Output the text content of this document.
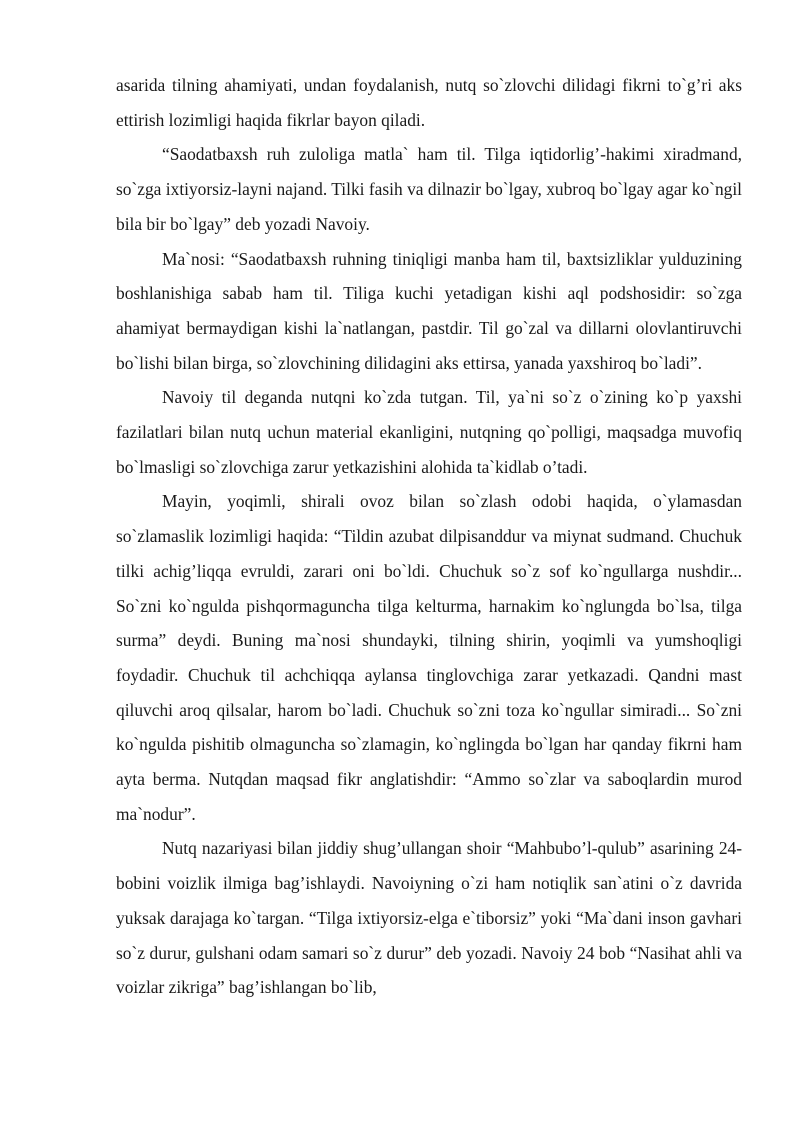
asarida tilning ahamiyati, undan foydalanish, nutq so`zlovchi dilidagi fikrni to`g’ri aks ettirish lozimligi haqida fikrlar bayon qiladi.

“Saodatbaxsh ruh zuloliga matla` ham til. Tilga iqtidorlig’-hakimi xiradmand, so`zga ixtiyorsiz-layni najand. Tilki fasih va dilnazir bo`lgay, xubroq bo`lgay agar ko`ngil bila bir bo`lgay” deb yozadi Navoiy.

Ma`nosi: “Saodatbaxsh ruhning tiniqligi manba ham til, baxtsizliklar yulduzining boshlanishiga sabab ham til. Tiliga kuchi yetadigan kishi aql podshosidir: so`zga ahamiyat bermaydigan kishi la`natlangan, pastdir. Til go`zal va dillarni olovlantiruvchi bo`lishi bilan birga, so`zlovchining dilidagini aks ettirsa, yanada yaxshiroq bo`ladi”.

Navoiy til deganda nutqni ko`zda tutgan. Til, ya`ni so`z o`zining ko`p yaxshi fazilatlari bilan nutq uchun material ekanligini, nutqning qo`polligi, maqsadga muvofiq bo`lmasligi so`zlovchiga zarur yetkazishini alohida ta`kidlab o’tadi.

Mayin, yoqimli, shirali ovoz bilan so`zlash odobi haqida, o`ylamasdan so`zlamaslik lozimligi haqida: “Tildin azubat dilpisanddur va miynat sudmand. Chuchuk tilki achig’liqqa evruldi, zarari oni bo`ldi. Chuchuk so`z sof ko`ngullarga nushdir... So`zni ko`ngulda pishqormaguncha tilga kelturma, harnakim ko`nglungda bo`lsa, tilga surma” deydi. Buning ma`nosi shundayki, tilning shirin, yoqimli va yumshoqligi foydadir. Chuchuk til achchiqqa aylansa tinglovchiga zarar yetkazadi. Qandni mast qiluvchi aroq qilsalar, harom bo`ladi. Chuchuk so`zni toza ko`ngullar simiradi... So`zni ko`ngulda pishitib olmaguncha so`zlamagin, ko`nglingda bo`lgan har qanday fikrni ham ayta berma. Nutqdan maqsad fikr anglatishdir: “Ammo so`zlar va saboqlardin murod ma`nodur”.

Nutq nazariyasi bilan jiddiy shug’ullangan shoir “Mahbubo’l-qulub” asarining 24-bobini voizlik ilmiga bag’ishlaydi. Navoiyning o`zi ham notiqlik san`atini o`z davrida yuksak darajaga ko`targan. “Tilga ixtiyorsiz-elga e`tiborsiz” yoki “Ma`dani inson gavhari so`z durur, gulshani odam samari so`z durur” deb yozadi. Navoiy 24 bob “Nasihat ahli va voizlar zikriga” bag’ishlangan bo`lib,
